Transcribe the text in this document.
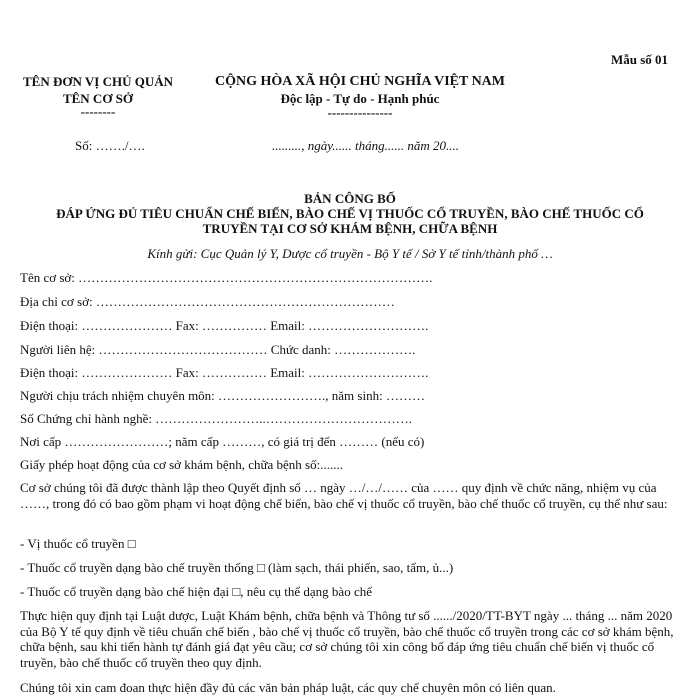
Mẫu số 01
TÊN ĐƠN VỊ CHỦ QUẢN
TÊN CƠ SỞ
--------
CỘNG HÒA XÃ HỘI CHỦ NGHĨA VIỆT NAM
Độc lập - Tự do - Hạnh phúc
---------------
Số: ……./….	........., ngày...... tháng...... năm 20....
BẢN CÔNG BỐ
ĐÁP ỨNG ĐỦ TIÊU CHUẨN CHẾ BIẾN, BÀO CHẾ VỊ THUỐC CỔ TRUYỀN, BÀO CHẾ THUỐC CỔ
TRUYỀN TẠI CƠ SỞ KHÁM BỆNH, CHỮA BỆNH
Kính gửi: Cục Quản lý Y, Dược cổ truyền - Bộ Y tế / Sở Y tế tỉnh/thành phố …
Tên cơ sở: ……………………………………………………………………….
Địa chỉ cơ sở: ……………………………………………………………
Điện thoại: ………………… Fax: …………… Email: ……………………….
Người liên hệ: ………………………………… Chức danh: ……………….
Điện thoại: ………………… Fax: …………… Email: ……………………….
Người chịu trách nhiệm chuyên môn: ……………………., năm sinh: ………
Số Chứng chỉ hành nghề: ……………………..…………………………….
Nơi cấp ……………………; năm cấp ………, có giá trị đến ……… (nếu có)
Giấy phép hoạt động của cơ sở khám bệnh, chữa bệnh số:.......
Cơ sở chúng tôi đã được thành lập theo Quyết định số … ngày …/…/…… của …… quy định về chức năng, nhiệm vụ của ……, trong đó có bao gồm phạm vi hoạt động chế biến, bào chế vị thuốc cổ truyền, bào chế thuốc cổ truyền, cụ thể như sau:
- Vị thuốc cổ truyền □
- Thuốc cổ truyền dạng bào chế truyền thống □ (làm sạch, thái phiến, sao, tẩm, ủ...)
- Thuốc cổ truyền dạng bào chế hiện đại □, nêu cụ thể dạng bào chế
Thực hiện quy định tại Luật dược, Luật Khám bệnh, chữa bệnh và Thông tư số ....../2020/TT-BYT ngày ... tháng ... năm 2020 của Bộ Y tế quy định về tiêu chuẩn chế biến , bào chế vị thuốc cổ truyền, bào chế thuốc cổ truyền trong các cơ sở khám bệnh, chữa bệnh, sau khi tiến hành tự đánh giá đạt yêu cầu; cơ sở chúng tôi xin công bố đáp ứng tiêu chuẩn chế biến vị thuốc cổ truyền, bào chế thuốc cổ truyền theo quy định.
Chúng tôi xin cam đoan thực hiện đầy đủ các văn bản pháp luật, các quy chế chuyên môn có liên quan.
